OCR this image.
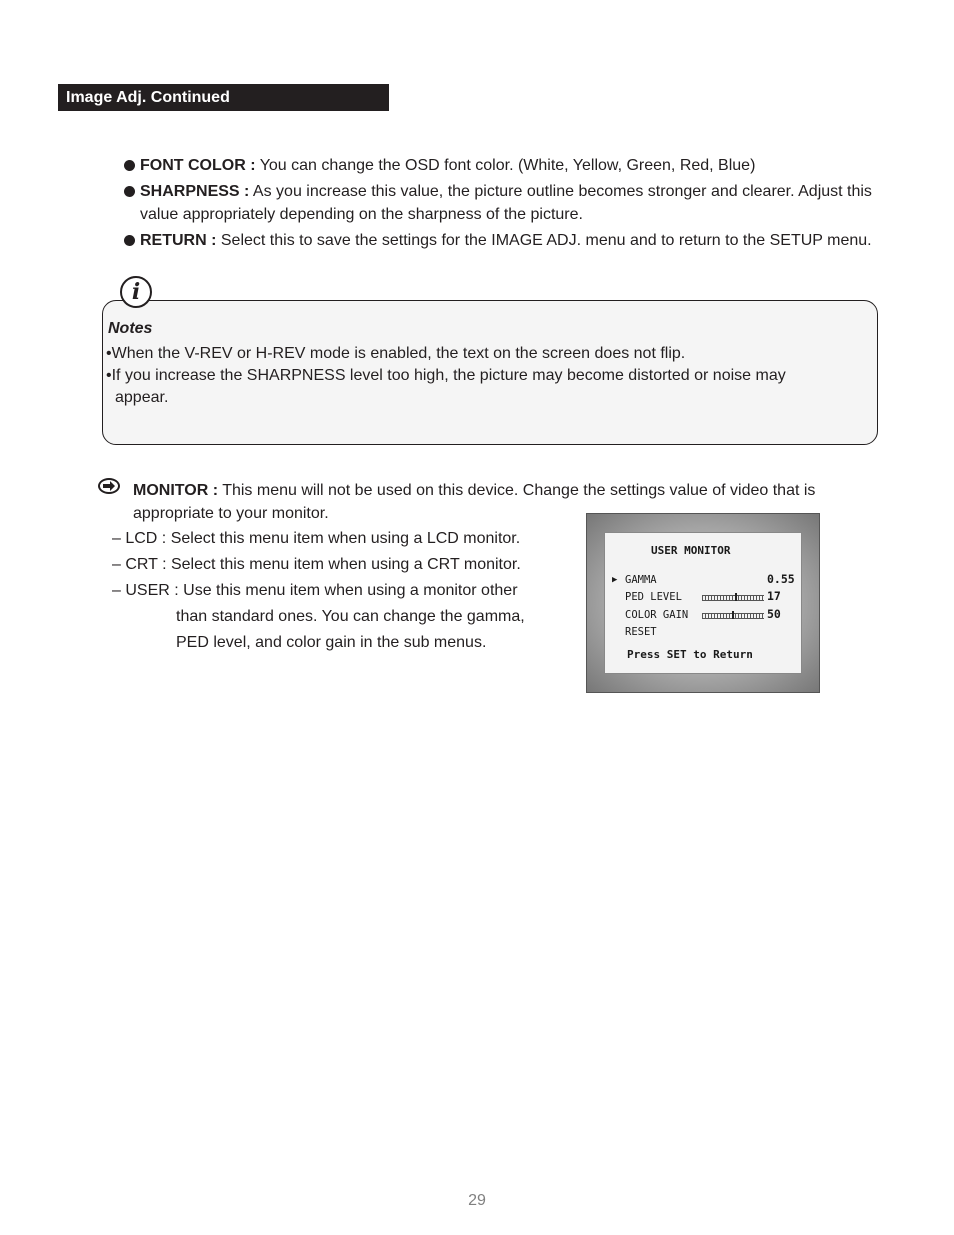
Image Adj. Continued
FONT COLOR : You can change the OSD font color. (White, Yellow, Green, Red, Blue)
SHARPNESS : As you increase this value, the picture outline becomes stronger and clearer. Adjust this value appropriately depending on the sharpness of the picture.
RETURN : Select this to save the settings for the IMAGE ADJ. menu and to return to the SETUP menu.
i
Notes
•When the V-REV or H-REV mode is enabled, the text on the screen does not flip.
•If you increase the SHARPNESS level too high, the picture may become distorted or noise may
appear.
MONITOR : This menu will not be used on this device. Change the settings value of video that is appropriate to your monitor.
– LCD : Select this menu item when using a LCD monitor.
– CRT : Select this menu item when using a CRT monitor.
– USER : Use this menu item when using a monitor other
than standard ones. You can change the gamma,
PED level, and color gain in the sub menus.
USER MONITOR
▶ GAMMA	0.55
PED LEVEL	17
COLOR GAIN	50
RESET
Press SET to Return
29
